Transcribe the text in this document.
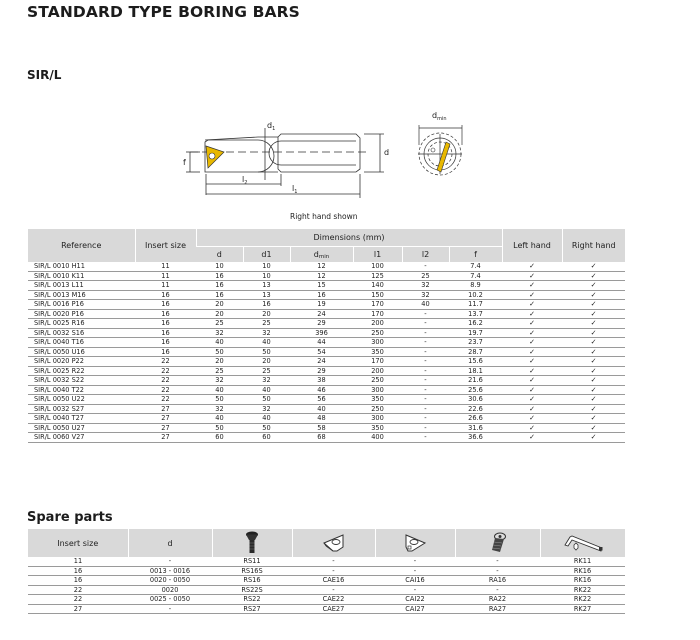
STANDARD TYPE BORING BARS
SIR/L
$d_1$
d
f
$l_2$
$l_1$
$d_{min}$
Right hand shown
Reference	Insert size	Dimensions (mm)						Left hand	Right hand
		d	d1	$d_{min}$	l1	l2	f		
SIR/L 0010 H11	11	10	10	12	100	-	7.4	✓	✓
SIR/L 0010 K11	11	16	10	12	125	25	7.4	✓	✓
SIR/L 0013 L11	11	16	13	15	140	32	8.9	✓	✓
SIR/L 0013 M16	16	16	13	16	150	32	10.2	✓	✓
SIR/L 0016 P16	16	20	16	19	170	40	11.7	✓	✓
SIR/L 0020 P16	16	20	20	24	170	-	13.7	✓	✓
SIR/L 0025 R16	16	25	25	29	200	-	16.2	✓	✓
SIR/L 0032 S16	16	32	32	396	250	-	19.7	✓	✓
SIR/L 0040 T16	16	40	40	44	300	-	23.7	✓	✓
SIR/L 0050 U16	16	50	50	54	350	-	28.7	✓	✓
SIR/L 0020 P22	22	20	20	24	170	-	15.6	✓	✓
SIR/L 0025 R22	22	25	25	29	200	-	18.1	✓	✓
SIR/L 0032 S22	22	32	32	38	250	-	21.6	✓	✓
SIR/L 0040 T22	22	40	40	46	300	-	25.6	✓	✓
SIR/L 0050 U22	22	50	50	56	350	-	30.6	✓	✓
SIR/L 0032 S27	27	32	32	40	250	-	22.6	✓	✓
SIR/L 0040 T27	27	40	40	48	300	-	26.6	✓	✓
SIR/L 0050 U27	27	50	50	58	350	-	31.6	✓	✓
SIR/L 0060 V27	27	60	60	68	400	-	36.6	✓	✓
Spare parts
Insert size	d	

11	-	RS11	-	-	-	RK11
16	0013 - 0016	RS16S	-	-	-	RK16
16	0020 - 0050	RS16	CAE16	CAI16	RA16	RK16
22	0020	RS22S	-	-	-	RK22
22	0025 - 0050	RS22	CAE22	CAI22	RA22	RK22
27	-	RS27	CAE27	CAI27	RA27	RK27
